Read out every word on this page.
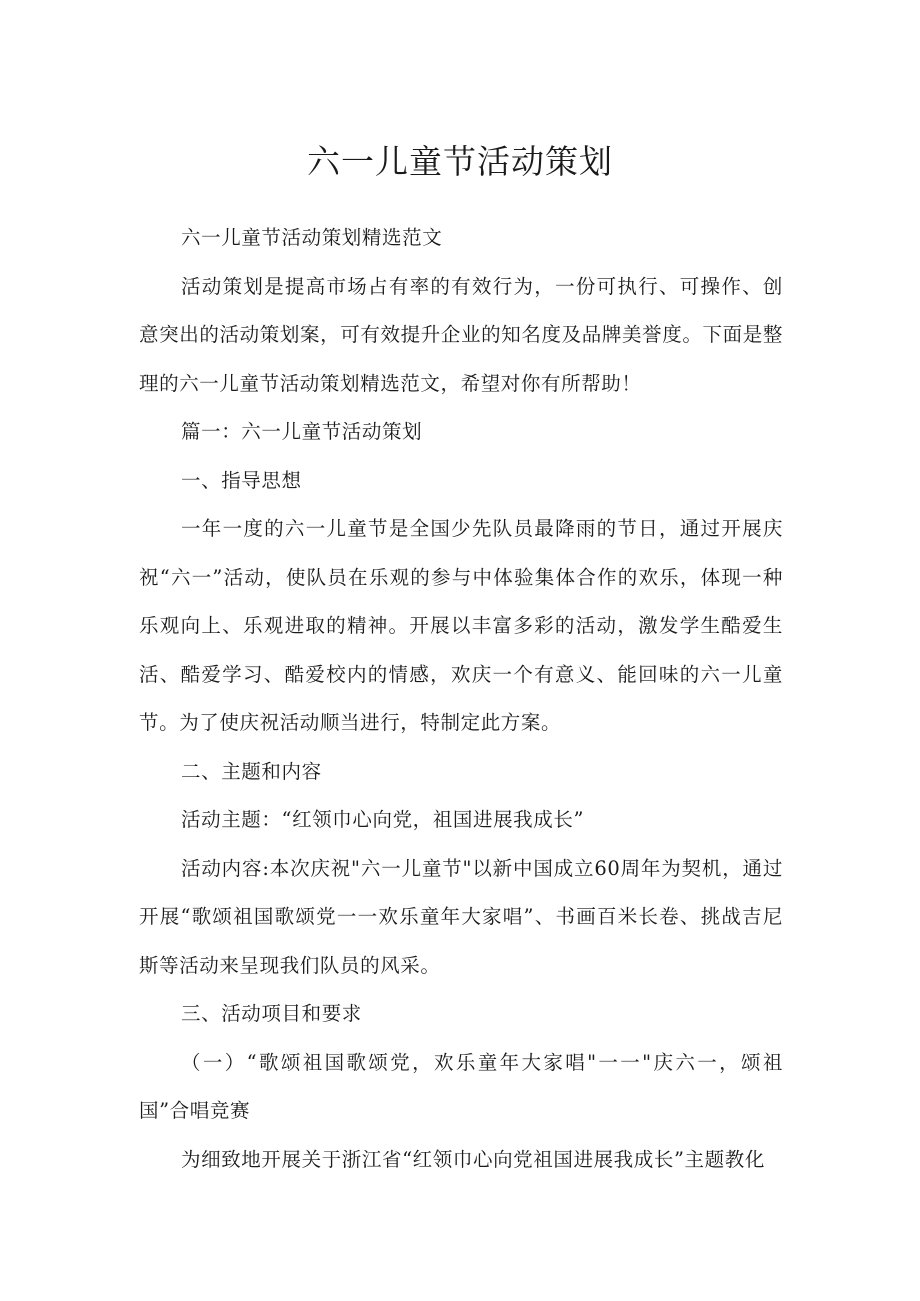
六一儿童节活动策划

六一儿童节活动策划精选范文

活动策划是提高市场占有率的有效行为，一份可执行、可操作、创意突出的活动策划案，可有效提升企业的知名度及品牌美誉度。下面是整理的六一儿童节活动策划精选范文，希望对你有所帮助！

篇一：六一儿童节活动策划

一、指导思想

一年一度的六一儿童节是全国少先队员最降雨的节日，通过开展庆祝“六一”活动，使队员在乐观的参与中体验集体合作的欢乐，体现一种乐观向上、乐观进取的精神。开展以丰富多彩的活动，激发学生酷爱生活、酷爱学习、酷爱校内的情感，欢庆一个有意义、能回味的六一儿童节。为了使庆祝活动顺当进行，特制定此方案。

二、主题和内容

活动主题：“红领巾心向党，祖国进展我成长”

活动内容:本次庆祝"六一儿童节"以新中国成立60周年为契机，通过开展“歌颂祖国歌颂党一一欢乐童年大家唱”、书画百米长卷、挑战吉尼斯等活动来呈现我们队员的风采。

三、活动项目和要求

（一）“歌颂祖国歌颂党，欢乐童年大家唱"一一"庆六一，颂祖国”合唱竞赛

为细致地开展关于浙江省“红领巾心向党祖国进展我成长”主题教化
